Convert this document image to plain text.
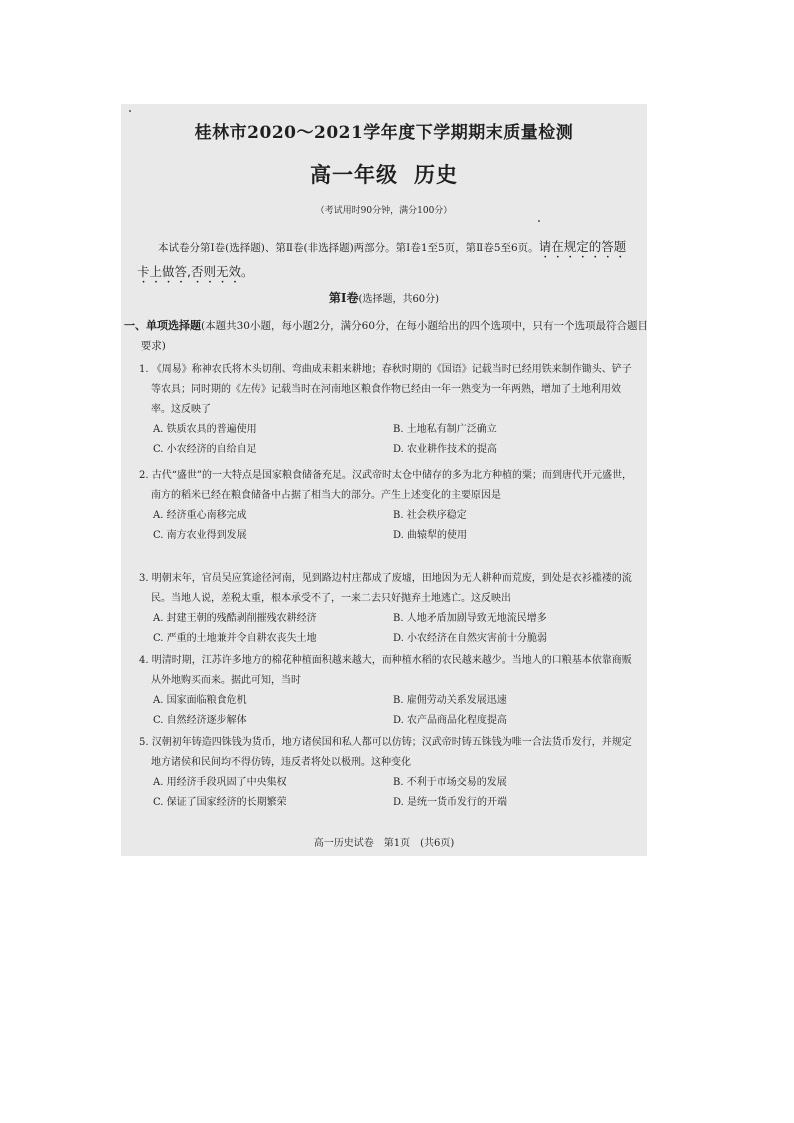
桂林市2020～2021学年度下学期期末质量检测
高一年级 历史
（考试用时90分钟，满分100分）

本试卷分第Ⅰ卷(选择题)、第Ⅱ卷(非选择题)两部分。第Ⅰ卷1至5页，第Ⅱ卷5至6页。请在规定的答题卡上做答,否则无效。

第Ⅰ卷(选择题，共60分)

一、单项选择题(本题共30小题，每小题2分，满分60分，在每小题给出的四个选项中，只有一个选项最符合题目要求)

1. 《周易》称神农氏将木头切削、弯曲成耒耜来耕地；春秋时期的《国语》记载当时已经用铁来制作锄头、铲子等农具；同时期的《左传》记载当时在河南地区粮食作物已经由一年一熟变为一年两熟，增加了土地利用效率。这反映了

A. 铁质农具的普遍使用	B. 土地私有制广泛确立
C. 小农经济的自给自足	D. 农业耕作技术的提高

2. 古代“盛世”的一大特点是国家粮食储备充足。汉武帝时太仓中储存的多为北方种植的粟；而到唐代开元盛世，南方的稻米已经在粮食储备中占据了相当大的部分。产生上述变化的主要原因是

A. 经济重心南移完成	B. 社会秩序稳定
C. 南方农业得到发展	D. 曲辕犁的使用

3. 明朝末年，官员吴应箕途径河南，见到路边村庄都成了废墟，田地因为无人耕种而荒废，到处是衣衫褴褛的流民。当地人说，差税太重，根本承受不了，一来二去只好抛弃土地逃亡。这反映出

A. 封建王朝的残酷剥削摧残农耕经济	B. 人地矛盾加剧导致无地流民增多
C. 严重的土地兼并令自耕农丧失土地	D. 小农经济在自然灾害前十分脆弱

4. 明清时期，江苏许多地方的棉花种植面积越来越大，而种植水稻的农民越来越少。当地人的口粮基本依靠商贩从外地购买而来。据此可知，当时

A. 国家面临粮食危机	B. 雇佣劳动关系发展迅速
C. 自然经济逐步解体	D. 农产品商品化程度提高

5. 汉朝初年铸造四铢钱为货币，地方诸侯国和私人都可以仿铸；汉武帝时铸五铢钱为唯一合法货币发行，并规定地方诸侯和民间均不得仿铸，违反者将处以极刑。这种变化

A. 用经济手段巩固了中央集权	B. 不利于市场交易的发展
C. 保证了国家经济的长期繁荣	D. 是统一货币发行的开端
高一历史试卷　第1页　(共6页)
